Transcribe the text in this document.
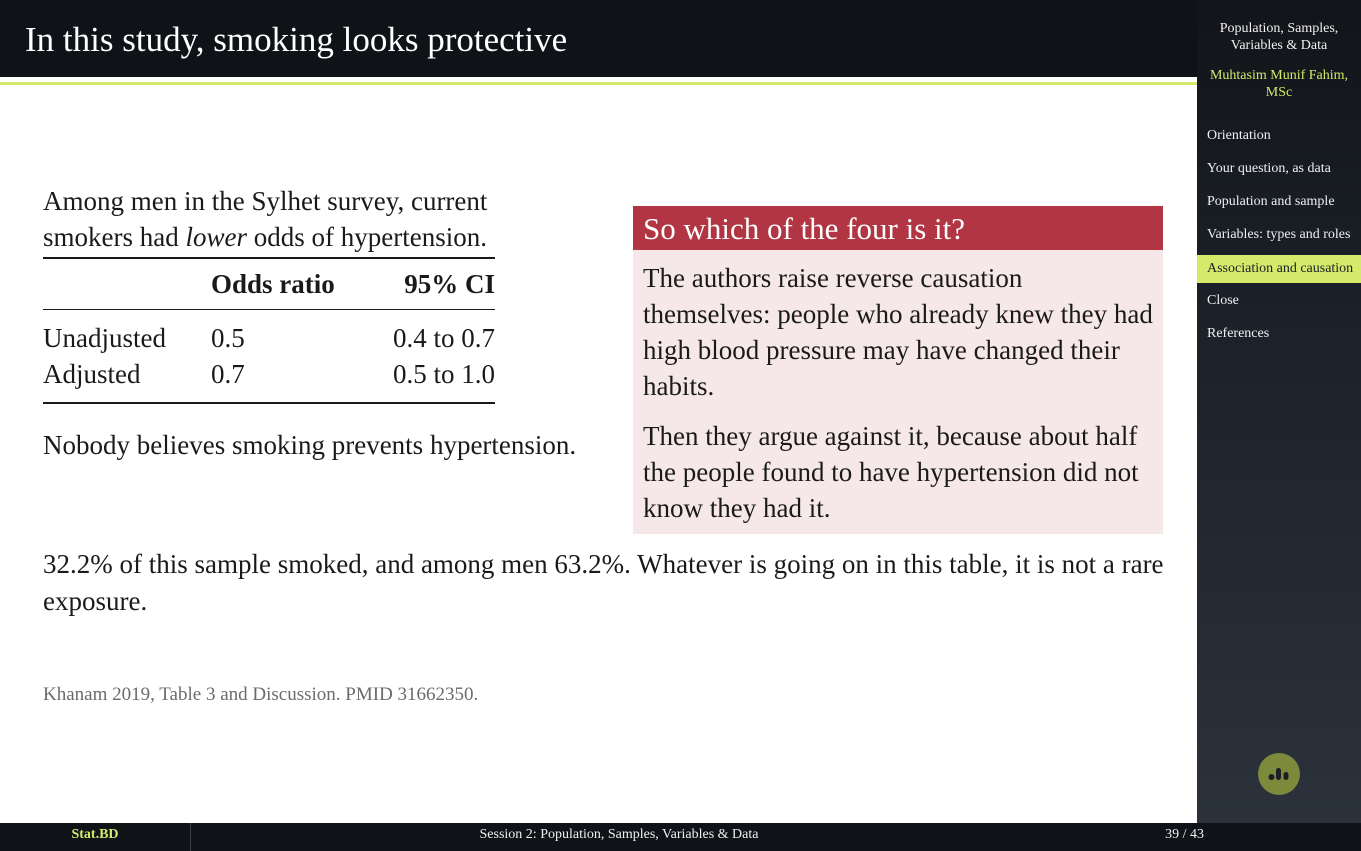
In this study, smoking looks protective	Population, Samples, Variables & Data
Muhtasim Munif Fahim, MSc
Orientation
Your question, as data
Population and sample
Variables: types and roles
Association and causation
Close
References
Among men in the Sylhet survey, current smokers had lower odds of hypertension.
	Odds ratio	95% CI
Unadjusted	0.5	0.4 to 0.7
Adjusted	0.7	0.5 to 1.0
Nobody believes smoking prevents hypertension.
So which of the four is it?

The authors raise reverse causation themselves: people who already knew they had high blood pressure may have changed their habits.

Then they argue against it, because about half the people found to have hypertension did not know they had it.

32.2% of this sample smoked, and among men 63.2%. Whatever is going on in this table, it is not a rare exposure.
Khanam 2019, Table 3 and Discussion. PMID 31662350.
Stat.BD	Session 2: Population, Samples, Variables & Data	39 / 43
